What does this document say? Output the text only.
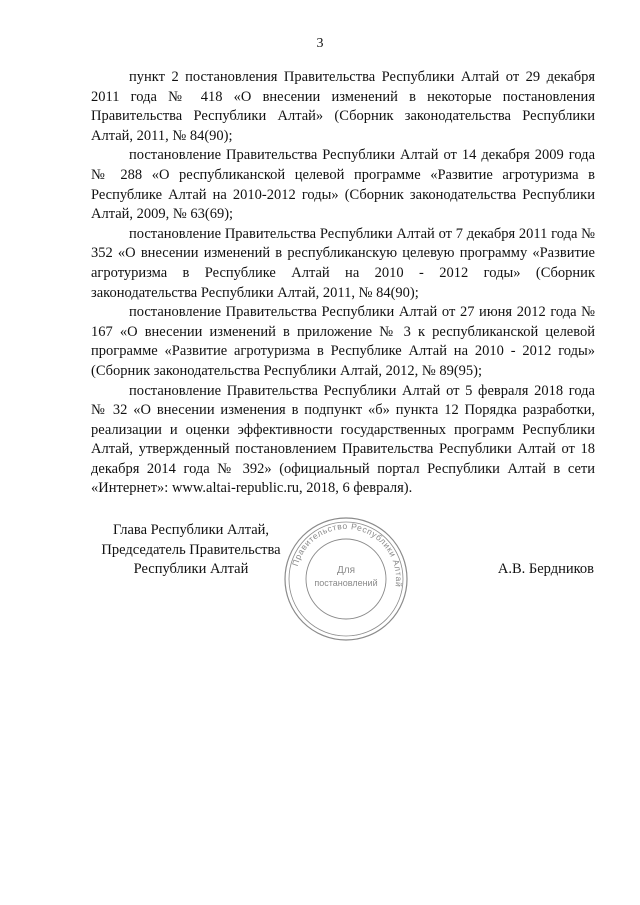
3

пункт 2 постановления Правительства Республики Алтай от 29 декабря 2011 года № 418 «О внесении изменений в некоторые постановления Правительства Республики Алтай» (Сборник законодательства Республики Алтай, 2011, № 84(90);

постановление Правительства Республики Алтай от 14 декабря 2009 года № 288 «О республиканской целевой программе «Развитие агротуризма в Республике Алтай на 2010-2012 годы» (Сборник законодательства Республики Алтай, 2009, № 63(69);

постановление Правительства Республики Алтай от 7 декабря 2011 года № 352 «О внесении изменений в республиканскую целевую программу «Развитие агротуризма в Республике Алтай на 2010 - 2012 годы» (Сборник законодательства Республики Алтай, 2011, № 84(90);

постановление Правительства Республики Алтай от 27 июня 2012 года № 167 «О внесении изменений в приложение № 3 к республиканской целевой программе «Развитие агротуризма в Республике Алтай на 2010 - 2012 годы» (Сборник законодательства Республики Алтай, 2012, № 89(95);

постановление Правительства Республики Алтай от 5 февраля 2018 года № 32 «О внесении изменения в подпункт «б» пункта 12 Порядка разработки, реализации и оценки эффективности государственных программ Республики Алтай, утвержденный постановлением Правительства Республики Алтай от 18 декабря 2014 года № 392» (официальный портал Республики Алтай в сети «Интернет»: www.altai-republic.ru, 2018, 6 февраля).

Глава Республики Алтай,
Председатель Правительства
Республики Алтай	Правительство Республики Алтай
Для
постановлений
А.В. Бердников
